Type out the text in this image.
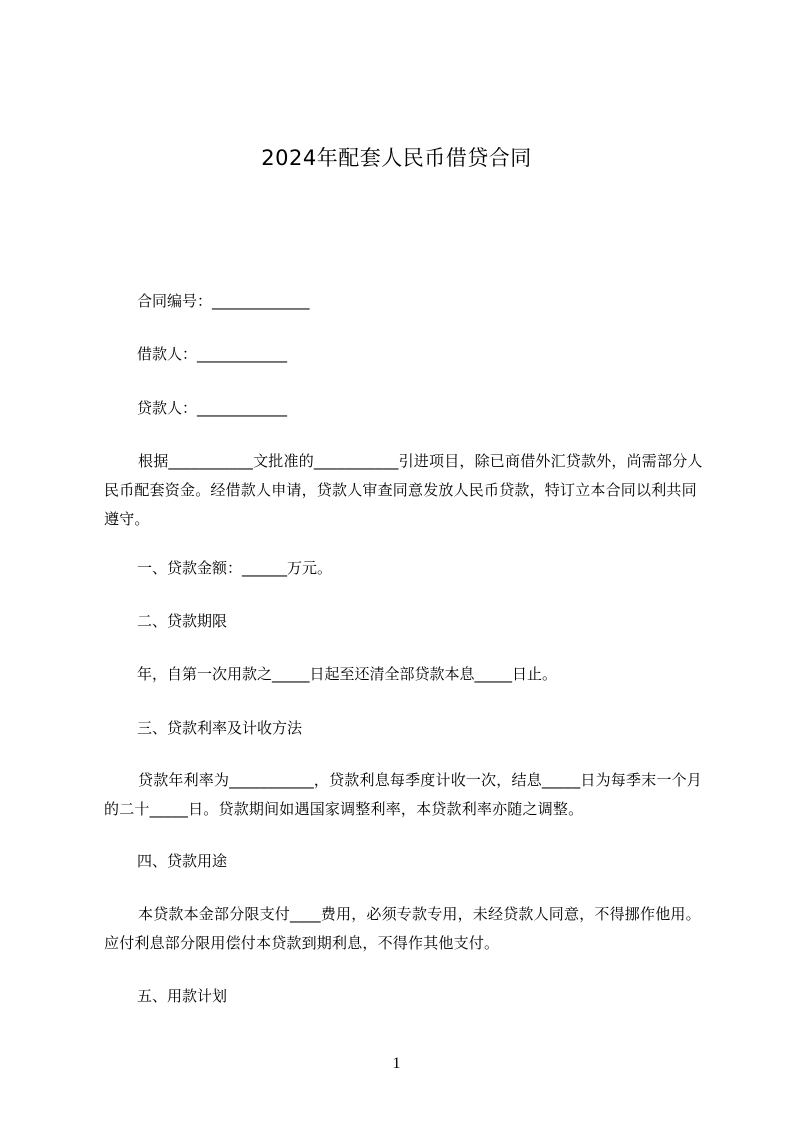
2024年配套人民币借贷合同
合同编号：_____________
借款人：____________
贷款人：____________
根据___________文批准的___________引进项目，除已商借外汇贷款外，尚需部分人民币配套资金。经借款人申请，贷款人审查同意发放人民币贷款，特订立本合同以利共同遵守。
一、贷款金额：______万元。
二、贷款期限
年，自第一次用款之_____日起至还清全部贷款本息_____日止。
三、贷款利率及计收方法
贷款年利率为___________，贷款利息每季度计收一次，结息_____日为每季末一个月的二十_____日。贷款期间如遇国家调整利率，本贷款利率亦随之调整。
四、贷款用途
本贷款本金部分限支付____费用，必须专款专用，未经贷款人同意，不得挪作他用。应付利息部分限用偿付本贷款到期利息，不得作其他支付。
五、用款计划
1
